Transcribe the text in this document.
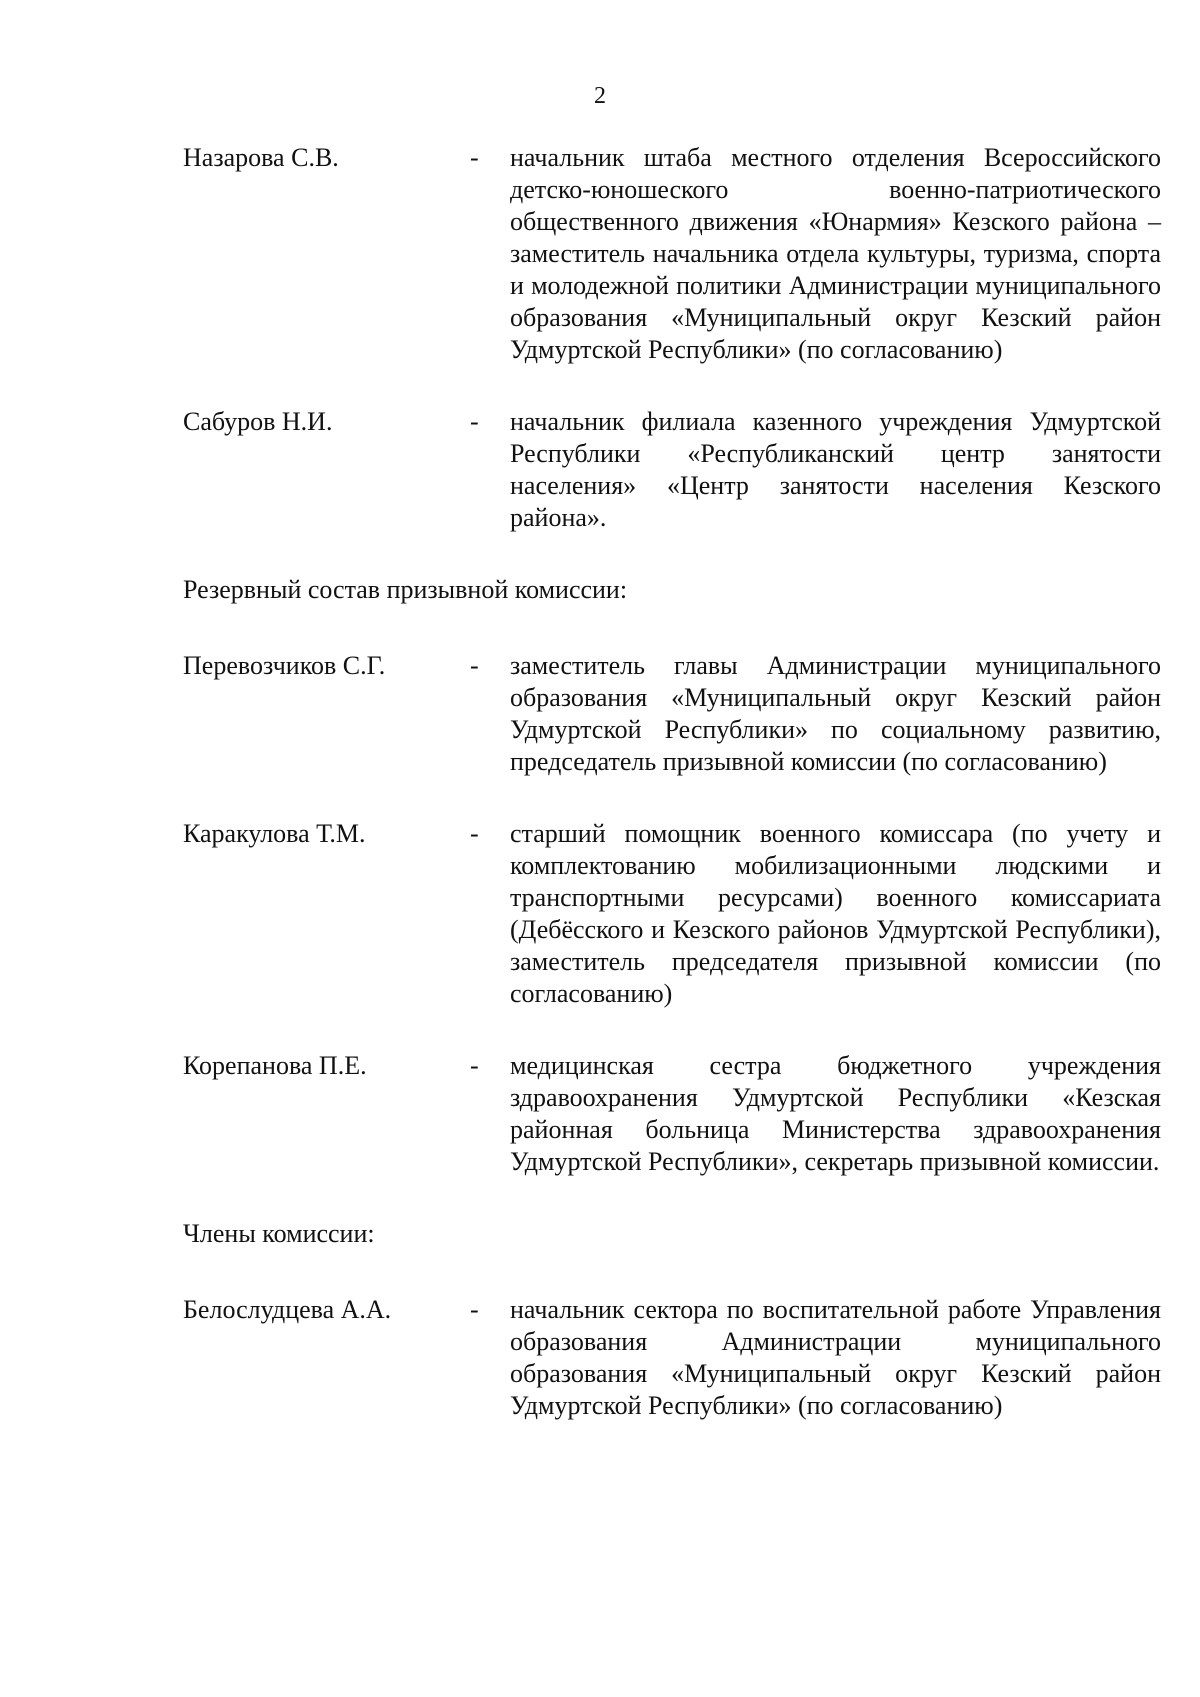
2
Назарова С.В.	-	начальник штаба местного отделения Всероссийского детско-юношеского военно-патриотического общественного движения «Юнармия» Кезского района – заместитель начальника отдела культуры, туризма, спорта и молодежной политики Администрации муниципального образования «Муниципальный округ Кезский район Удмуртской Республики» (по согласованию)
Сабуров Н.И.	-	начальник филиала казенного учреждения Удмуртской Республики «Республиканский центр занятости населения» «Центр занятости населения Кезского района».
Резервный состав призывной комиссии:
Перевозчиков С.Г.	-	заместитель главы Администрации муниципального образования «Муниципальный округ Кезский район Удмуртской Республики» по социальному развитию, председатель призывной комиссии (по согласованию)
Каракулова Т.М.	-	старший помощник военного комиссара (по учету и комплектованию мобилизационными людскими и транспортными ресурсами) военного комиссариата (Дебёсского и Кезского районов Удмуртской Республики), заместитель председателя призывной комиссии (по согласованию)
Корепанова П.Е.	-	медицинская сестра бюджетного учреждения здравоохранения Удмуртской Республики «Кезская районная больница Министерства здравоохранения Удмуртской Республики», секретарь призывной комиссии.
Члены комиссии:
Белослудцева А.А.	-	начальник сектора по воспитательной работе Управления образования Администрации муниципального образования «Муниципальный округ Кезский район Удмуртской Республики» (по согласованию)
